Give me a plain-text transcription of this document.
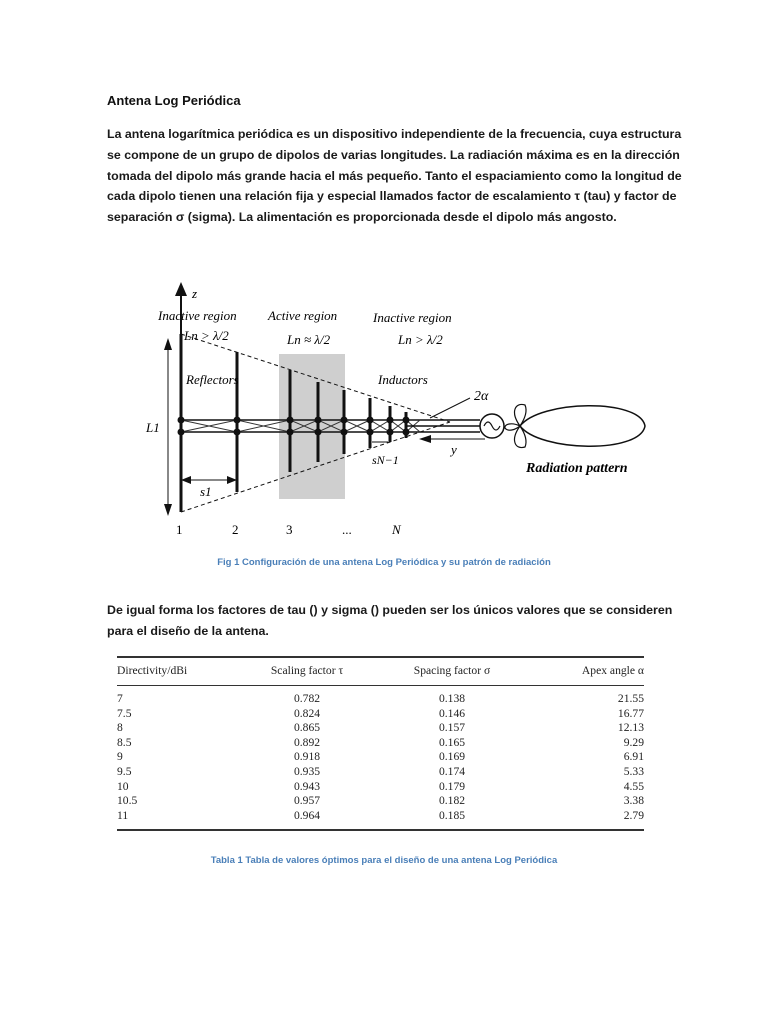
Antena Log Periódica
La antena logarítmica periódica es un dispositivo independiente de la frecuencia, cuya estructura
se compone de un grupo de dipolos de varias longitudes. La radiación máxima es en la dirección
tomada del dipolo más grande hacia el más pequeño. Tanto el espaciamiento como la longitud de
cada dipolo tienen una relación fija y especial llamados factor de escalamiento τ (tau) y factor de
separación σ (sigma). La alimentación es proporcionada desde el dipolo más angosto.
z
L1
Inactive region
Ln > λ/2
Active region
Ln ≈ λ/2
Inactive region
Ln > λ/2
Reflectors	Inductors
2α
y
s1
sN−1
Radiation pattern
1	2	3	...	N
Fig 1 Configuración de una antena Log Periódica y su patrón de radiación
De igual forma los factores de tau () y sigma () pueden ser los únicos valores que se consideren
para el diseño de la antena.
Directivity/dBi	Scaling factor τ	Spacing factor σ	Apex angle α
7	0.782	0.138	21.55
7.5	0.824	0.146	16.77
8	0.865	0.157	12.13
8.5	0.892	0.165	9.29
9	0.918	0.169	6.91
9.5	0.935	0.174	5.33
10	0.943	0.179	4.55
10.5	0.957	0.182	3.38
11	0.964	0.185	2.79
Tabla 1 Tabla de valores óptimos para el diseño de una antena Log Periódica
